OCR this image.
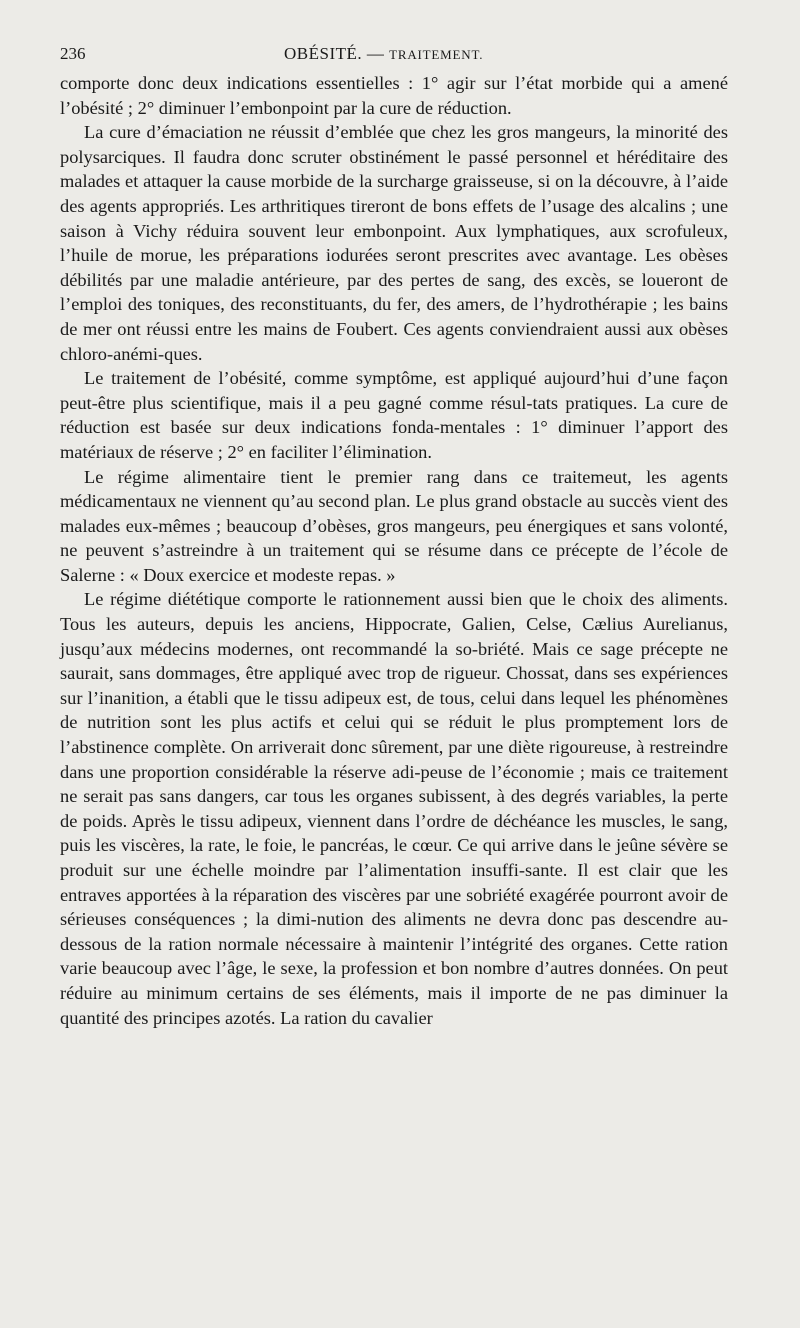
236	OBÉSITÉ. — TRAITEMENT.

comporte donc deux indications essentielles : 1° agir sur l’état morbide qui a amené l’obésité ; 2° diminuer l’embonpoint par la cure de réduction.

La cure d’émaciation ne réussit d’emblée que chez les gros mangeurs, la minorité des polysarciques. Il faudra donc scruter obstinément le passé personnel et héréditaire des malades et attaquer la cause morbide de la surcharge graisseuse, si on la découvre, à l’aide des agents appropriés. Les arthritiques tireront de bons effets de l’usage des alcalins ; une saison à Vichy réduira souvent leur embonpoint. Aux lymphatiques, aux scrofuleux, l’huile de morue, les préparations iodurées seront prescrites avec avantage. Les obèses débilités par une maladie antérieure, par des pertes de sang, des excès, se loueront de l’emploi des toniques, des reconstituants, du fer, des amers, de l’hydrothérapie ; les bains de mer ont réussi entre les mains de Foubert. Ces agents conviendraient aussi aux obèses chloro-anémi-ques.

Le traitement de l’obésité, comme symptôme, est appliqué aujourd’hui d’une façon peut-être plus scientifique, mais il a peu gagné comme résul-tats pratiques. La cure de réduction est basée sur deux indications fonda-mentales : 1° diminuer l’apport des matériaux de réserve ; 2° en faciliter l’élimination.

Le régime alimentaire tient le premier rang dans ce traitemeut, les agents médicamentaux ne viennent qu’au second plan. Le plus grand obstacle au succès vient des malades eux-mêmes ; beaucoup d’obèses, gros mangeurs, peu énergiques et sans volonté, ne peuvent s’astreindre à un traitement qui se résume dans ce précepte de l’école de Salerne : « Doux exercice et modeste repas. »

Le régime diététique comporte le rationnement aussi bien que le choix des aliments. Tous les auteurs, depuis les anciens, Hippocrate, Galien, Celse, Cælius Aurelianus, jusqu’aux médecins modernes, ont recommandé la so-briété. Mais ce sage précepte ne saurait, sans dommages, être appliqué avec trop de rigueur. Chossat, dans ses expériences sur l’inanition, a établi que le tissu adipeux est, de tous, celui dans lequel les phénomènes de nutrition sont les plus actifs et celui qui se réduit le plus promptement lors de l’abstinence complète. On arriverait donc sûrement, par une diète rigoureuse, à restreindre dans une proportion considérable la réserve adi-peuse de l’économie ; mais ce traitement ne serait pas sans dangers, car tous les organes subissent, à des degrés variables, la perte de poids. Après le tissu adipeux, viennent dans l’ordre de déchéance les muscles, le sang, puis les viscères, la rate, le foie, le pancréas, le cœur. Ce qui arrive dans le jeûne sévère se produit sur une échelle moindre par l’alimentation insuffi-sante. Il est clair que les entraves apportées à la réparation des viscères par une sobriété exagérée pourront avoir de sérieuses conséquences ; la dimi-nution des aliments ne devra donc pas descendre au-dessous de la ration normale nécessaire à maintenir l’intégrité des organes. Cette ration varie beaucoup avec l’âge, le sexe, la profession et bon nombre d’autres données. On peut réduire au minimum certains de ses éléments, mais il importe de ne pas diminuer la quantité des principes azotés. La ration du cavalier
